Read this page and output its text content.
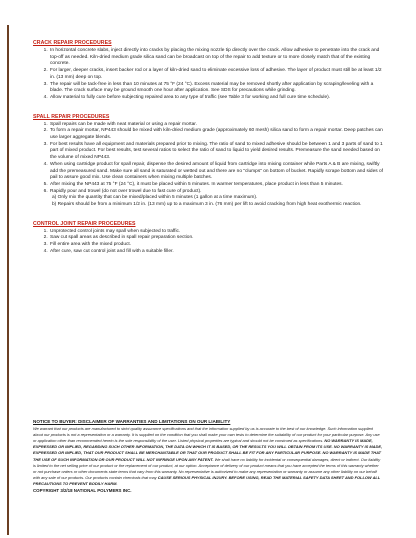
CRACK REPAIR PROCEDURES
1. In horizontal concrete slabs, inject directly into cracks by placing the mixing nozzle tip directly over the crack. Allow adhesive to penetrate into the crack and top-off as needed. Kiln-dried medium grade silica sand can be broadcast on top of the repair to add texture or to more closely match that of the existing concrete.
2. For larger, deeper cracks, insert backer rod or a layer of kiln-dried sand to eliminate excessive loss of adhesive. The layer of product must still be at least 1/2 in. (13 mm) deep on top.
3. The repair will be tack-free in less than 10 minutes at 75 °F (24 °C). Excess material may be removed shortly after application by scraping/leveling with a blade. The crack surface may be ground smooth one hour after application. See SDS for precautions while grinding.
4. Allow material to fully cure before subjecting repaired area to any type of traffic (see Table 3 for working and full cure time schedule).
SPALL REPAIR PROCEDURES
1. Spall repairs can be made with neat material or using a repair mortar.
2. To form a repair mortar, NP443 should be mixed with kiln-dried medium grade (approximately 60 mesh) silica sand to form a repair mortar. Deep patches can use larger aggregate blends.
3. For best results have all equipment and materials prepared prior to mixing. The ratio of sand to mixed adhesive should be between 1 and 3 parts of sand to 1 part of mixed product. For best results, test several ratios to select the ratio of sand to liquid to yield desired results. Premeasure the sand needed based on the volume of mixed NP443.
4. When using cartridge product for spall repair, dispense the desired amount of liquid from cartridge into mixing container while Parts A & B are mixing, swiftly add the premeasured sand. Make sure all sand is saturated or wetted out and there are no "clumps" on bottom of bucket. Rapidly scrape bottom and sides of pail to assure good mix. Use clean containers when mixing multiple batches.
5. After mixing the NP443 at 75 °F (24 °C), it must be placed within 5 minutes. In warmer temperatures, place product in less than 5 minutes.
6. Rapidly pour and trowel (do not over trowel due to fast cure of product).
a) Only mix the quantity that can be mixed/placed within 5 minutes (1 gallon at a time maximum).
b) Repairs should be from a minimum 1/2 in. (13 mm) up to a maximum 3 in. (76 mm) per lift to avoid cracking from high heat exothermic reaction.
CONTROL JOINT REPAIR PROCEDURES
1. Unprotected control joints may spall when subjected to traffic.
2. Saw cut spall areas as described in spall repair preparation section.
3. Fill entire area with the mixed product.
4. After cure, saw cut control joint and fill with a suitable filler.
NOTICE TO BUYER: DISCLAIMER OF WARRANTIES AND LIMITATIONS ON OUR LIABILITY
We warrant that our products are manufactured to strict quality assurance specifications and that the information supplied by us is accurate to the best of our knowledge. Such information supplied about our products is not a representation or a warranty. It is supplied on the condition that you shall make your own tests to determine the suitability of our product for your particular purpose. Any use or application other than recommended herein is the sole responsibility of the user. Listed physical properties are typical and should not be construed as specifications. NO WARRANTY IS MADE, EXPRESSED OR IMPLIED, REGARDING SUCH OTHER INFORMATION, THE DATA ON WHICH IT IS BASED, OR THE RESULTS YOU WILL OBTAIN FROM ITS USE. NO WARRANTY IS MADE, EXPRESSED OR IMPLIED, THAT OUR PRODUCT SHALL BE MERCHANTABLE OR THAT OUR PRODUCT SHALL BE FIT FOR ANY PARTICULAR PURPOSE. NO WARRANTY IS MADE THAT THE USE OF SUCH INFORMATION OR OUR PRODUCT WILL NOT INFRINGE UPON ANY PATENT. We shall have no liability for incidental or consequential damages, direct or indirect. Our liability is limited to the net selling price of our product or the replacement of our product, at our option. Acceptance of delivery of our product means that you have accepted the terms of this warranty whether or not purchase orders or other documents state terms that vary from this warranty. No representative is authorized to make any representation or warranty or assume any other liability on our behalf with any sale of our products. Our products contain chemicals that may CAUSE SERIOUS PHYSICAL INJURY. BEFORE USING, READ THE MATERIAL SAFETY DATA SHEET AND FOLLOW ALL PRECAUTIONS TO PREVENT BODILY HARM.
COPYRIGHT 3/2/18 NATIONAL POLYMERS INC.
